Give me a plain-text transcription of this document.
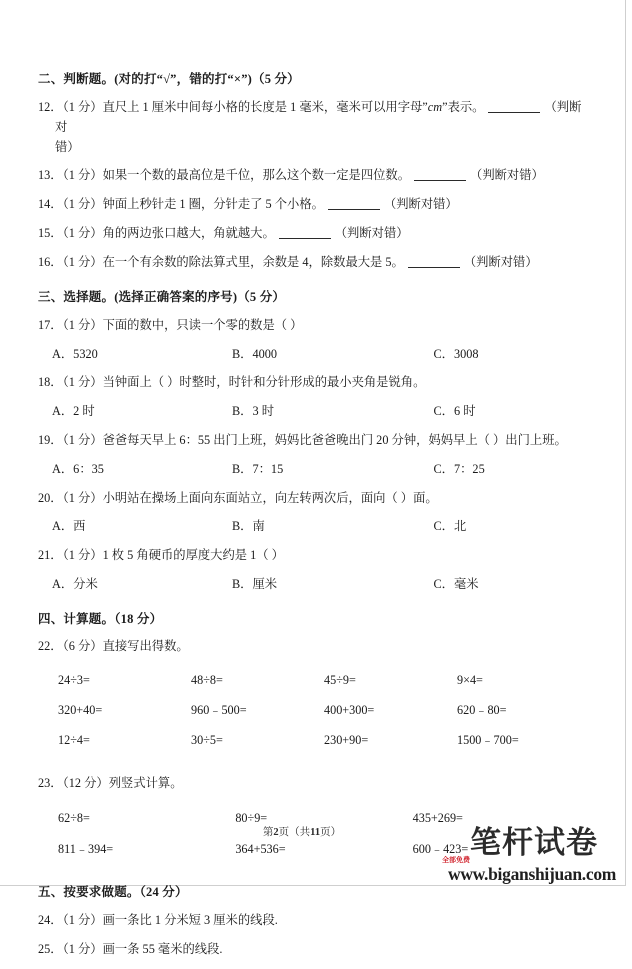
二、判断题。(对的打“√”，错的打“×”)（5 分）
12．（1 分）直尺上 1 厘米中间每小格的长度是 1 毫米，毫米可以用字母”cm”表示。	（判断对
错）
13．（1 分）如果一个数的最高位是千位，那么这个数一定是四位数。	（判断对错）
14．（1 分）钟面上秒针走 1 圈，分针走了 5 个小格。	（判断对错）
15．（1 分）角的两边张口越大，角就越大。	（判断对错）
16．（1 分）在一个有余数的除法算式里，余数是 4，除数最大是 5。	（判断对错）
三、选择题。(选择正确答案的序号)（5 分）
17．（1 分）下面的数中，只读一个零的数是（ ）
A．5320	B．4000	C．3008
18．（1 分）当钟面上（ ）时整时，时针和分针形成的最小夹角是锐角。
A．2 时	B．3 时	C．6 时
19．（1 分）爸爸每天早上 6：55 出门上班，妈妈比爸爸晚出门 20 分钟，妈妈早上（ ）出门上班。
A．6：35	B．7：15	C．7：25
20．（1 分）小明站在操场上面向东面站立，向左转两次后，面向（ ）面。
A．西	B．南	C．北
21．（1 分）1 枚 5 角硬币的厚度大约是 1（ ）
A．分米	B．厘米	C．毫米
四、计算题。（18 分）
22．（6 分）直接写出得数。
24÷3=	48÷8=	45÷9=	9×4=
320+40=	960﹣500=	400+300=	620﹣80=
12÷4=	30÷5=	230+90=	1500﹣700=
23．（12 分）列竖式计算。
62÷8=	80÷9=	435+269=
811﹣394=	364+536=	600﹣423=
五、按要求做题。（24 分）
24．（1 分）画一条比 1 分米短 3 厘米的线段.
25．（1 分）画一条 55 毫米的线段.
第2页（共11页）	笔杆试卷
全部免费
www.biganshijuan.com
